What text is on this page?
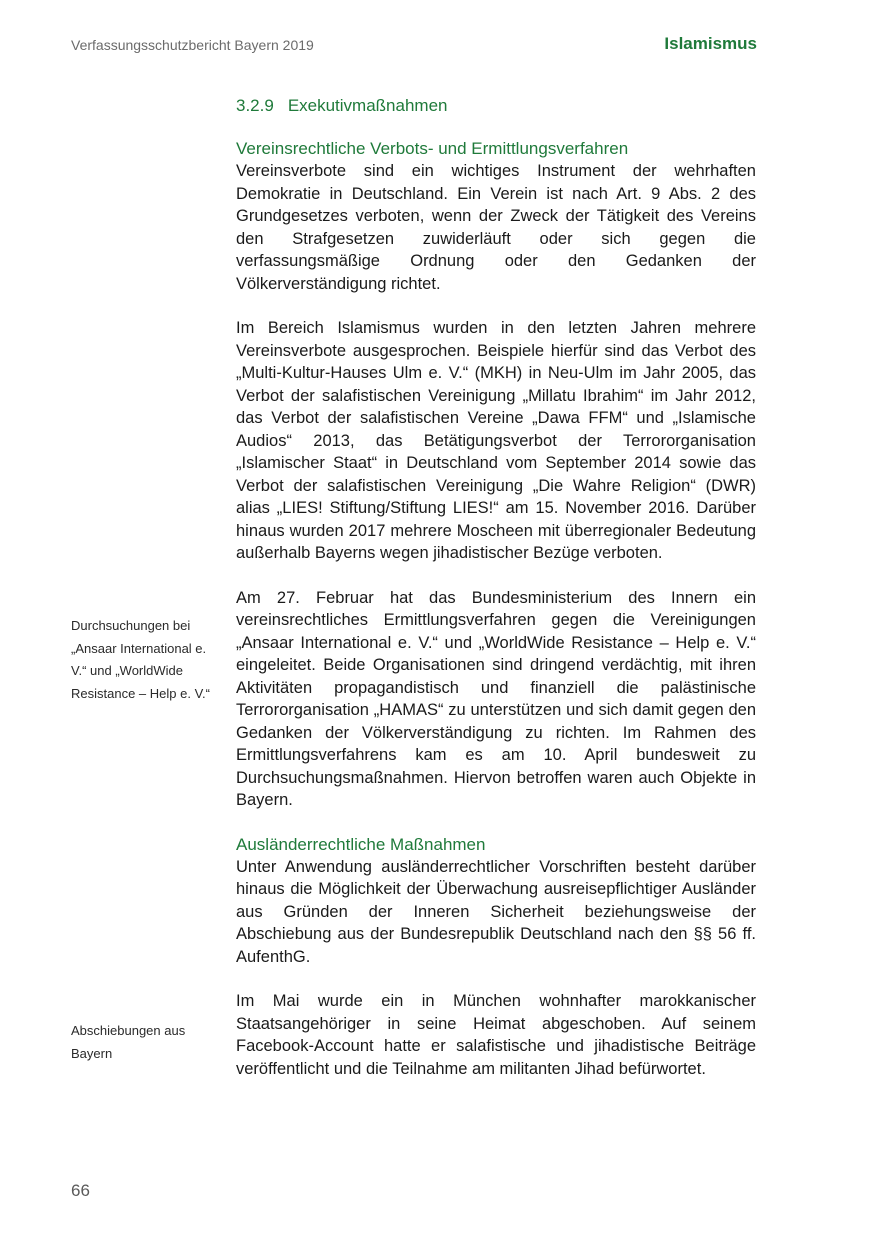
Verfassungsschutzbericht Bayern 2019	Islamismus
3.2.9 Exekutivmaßnahmen
Vereinsrechtliche Verbots- und Ermittlungsverfahren

Vereinsverbote sind ein wichtiges Instrument der wehrhaften Demokratie in Deutschland. Ein Verein ist nach Art. 9 Abs. 2 des Grundgesetzes verboten, wenn der Zweck der Tätigkeit des Vereins den Strafgesetzen zuwiderläuft oder sich gegen die verfassungsmäßige Ordnung oder den Gedanken der Völkerverständigung richtet.

Im Bereich Islamismus wurden in den letzten Jahren mehrere Vereinsverbote ausgesprochen. Beispiele hierfür sind das Verbot des „Multi-Kultur-Hauses Ulm e. V.“ (MKH) in Neu-Ulm im Jahr 2005, das Verbot der salafistischen Vereinigung „Millatu Ibrahim“ im Jahr 2012, das Verbot der salafistischen Vereine „Dawa FFM“ und „Islamische Audios“ 2013, das Betätigungsverbot der Terrororganisation „Islamischer Staat“ in Deutschland vom September 2014 sowie das Verbot der salafistischen Vereinigung „Die Wahre Religion“ (DWR) alias „LIES! Stiftung/Stiftung LIES!“ am 15. November 2016. Darüber hinaus wurden 2017 mehrere Moscheen mit überregionaler Bedeutung außerhalb Bayerns wegen jihadistischer Bezüge verboten.

Am 27. Februar hat das Bundesministerium des Innern ein vereinsrechtliches Ermittlungsverfahren gegen die Vereinigungen „Ansaar International e. V.“ und „WorldWide Resistance – Help e. V.“ eingeleitet. Beide Organisationen sind dringend verdächtig, mit ihren Aktivitäten propagandistisch und finanziell die palästinische Terrororganisation „HAMAS“ zu unterstützen und sich damit gegen den Gedanken der Völkerverständigung zu richten. Im Rahmen des Ermittlungsverfahrens kam es am 10. April bundesweit zu Durchsuchungsmaßnahmen. Hiervon betroffen waren auch Objekte in Bayern.

Ausländerrechtliche Maßnahmen

Unter Anwendung ausländerrechtlicher Vorschriften besteht darüber hinaus die Möglichkeit der Überwachung ausreisepflichtiger Ausländer aus Gründen der Inneren Sicherheit beziehungsweise der Abschiebung aus der Bundesrepublik Deutschland nach den §§ 56 ff. AufenthG.

Im Mai wurde ein in München wohnhafter marokkanischer Staatsangehöriger in seine Heimat abgeschoben. Auf seinem Facebook-Account hatte er salafistische und jihadistische Beiträge veröffentlicht und die Teilnahme am militanten Jihad befürwortet.

Durchsuchungen bei „Ansaar International e. V.“ und „WorldWide Resistance – Help e. V.“
Abschiebungen aus Bayern
66
